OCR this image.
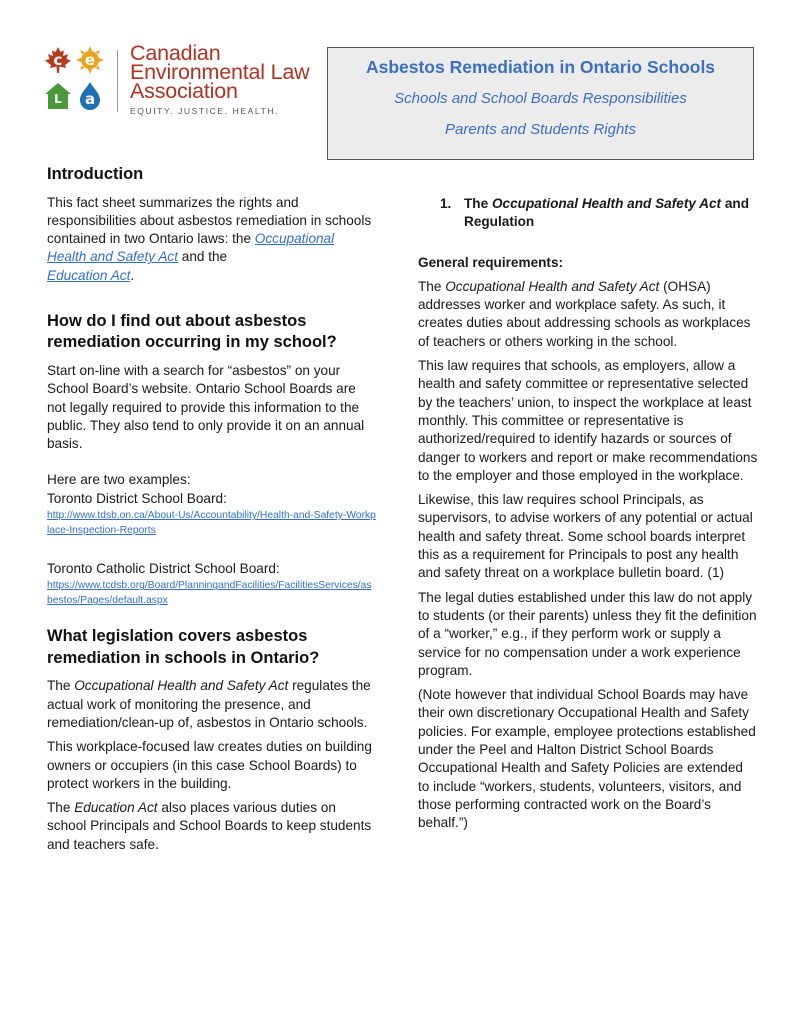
c e
L a
Canadian
Environmental Law
Association
EQUITY. JUSTICE. HEALTH.
Asbestos Remediation in Ontario Schools
Schools and School Boards Responsibilities
Parents and Students Rights
Introduction

This fact sheet summarizes the rights and responsibilities about asbestos remediation in schools contained in two Ontario laws: the Occupational Health and Safety Act and the
Education Act.

How do I find out about asbestos remediation occurring in my school?

Start on-line with a search for “asbestos” on your School Board’s website. Ontario School Boards are not legally required to provide this information to the public. They also tend to only provide it on an annual basis.

Here are two examples:

Toronto District School Board:

http://www.tdsb.on.ca/About-Us/Accountability/Health-and-Safety-Workplace-Inspection-Reports

Toronto Catholic District School Board:

https://www.tcdsb.org/Board/PlanningandFacilities/FacilitiesServices/asbestos/Pages/default.aspx
What legislation covers asbestos remediation in schools in Ontario?

The Occupational Health and Safety Act regulates the actual work of monitoring the presence, and remediation/clean-up of, asbestos in Ontario schools.

This workplace-focused law creates duties on building owners or occupiers (in this case School Boards) to protect workers in the building.

The Education Act also places various duties on school Principals and School Boards to keep students and teachers safe.

1. The Occupational Health and Safety Act and Regulation

General requirements:

The Occupational Health and Safety Act (OHSA) addresses worker and workplace safety. As such, it creates duties about addressing schools as workplaces of teachers or others working in the school.

This law requires that schools, as employers, allow a health and safety committee or representative selected by the teachers’ union, to inspect the workplace at least monthly. This committee or representative is authorized/required to identify hazards or sources of danger to workers and report or make recommendations to the employer and those employed in the workplace.

Likewise, this law requires school Principals, as supervisors, to advise workers of any potential or actual health and safety threat. Some school boards interpret this as a requirement for Principals to post any health and safety threat on a workplace bulletin board. (1)

The legal duties established under this law do not apply to students (or their parents) unless they fit the definition of a “worker,” e.g., if they perform work or supply a service for no compensation under a work experience program.

(Note however that individual School Boards may have their own discretionary Occupational Health and Safety policies. For example, employee protections established under the Peel and Halton District School Boards Occupational Health and Safety Policies are extended to include “workers, students, volunteers, visitors, and those performing contracted work on the Board’s behalf.”)
